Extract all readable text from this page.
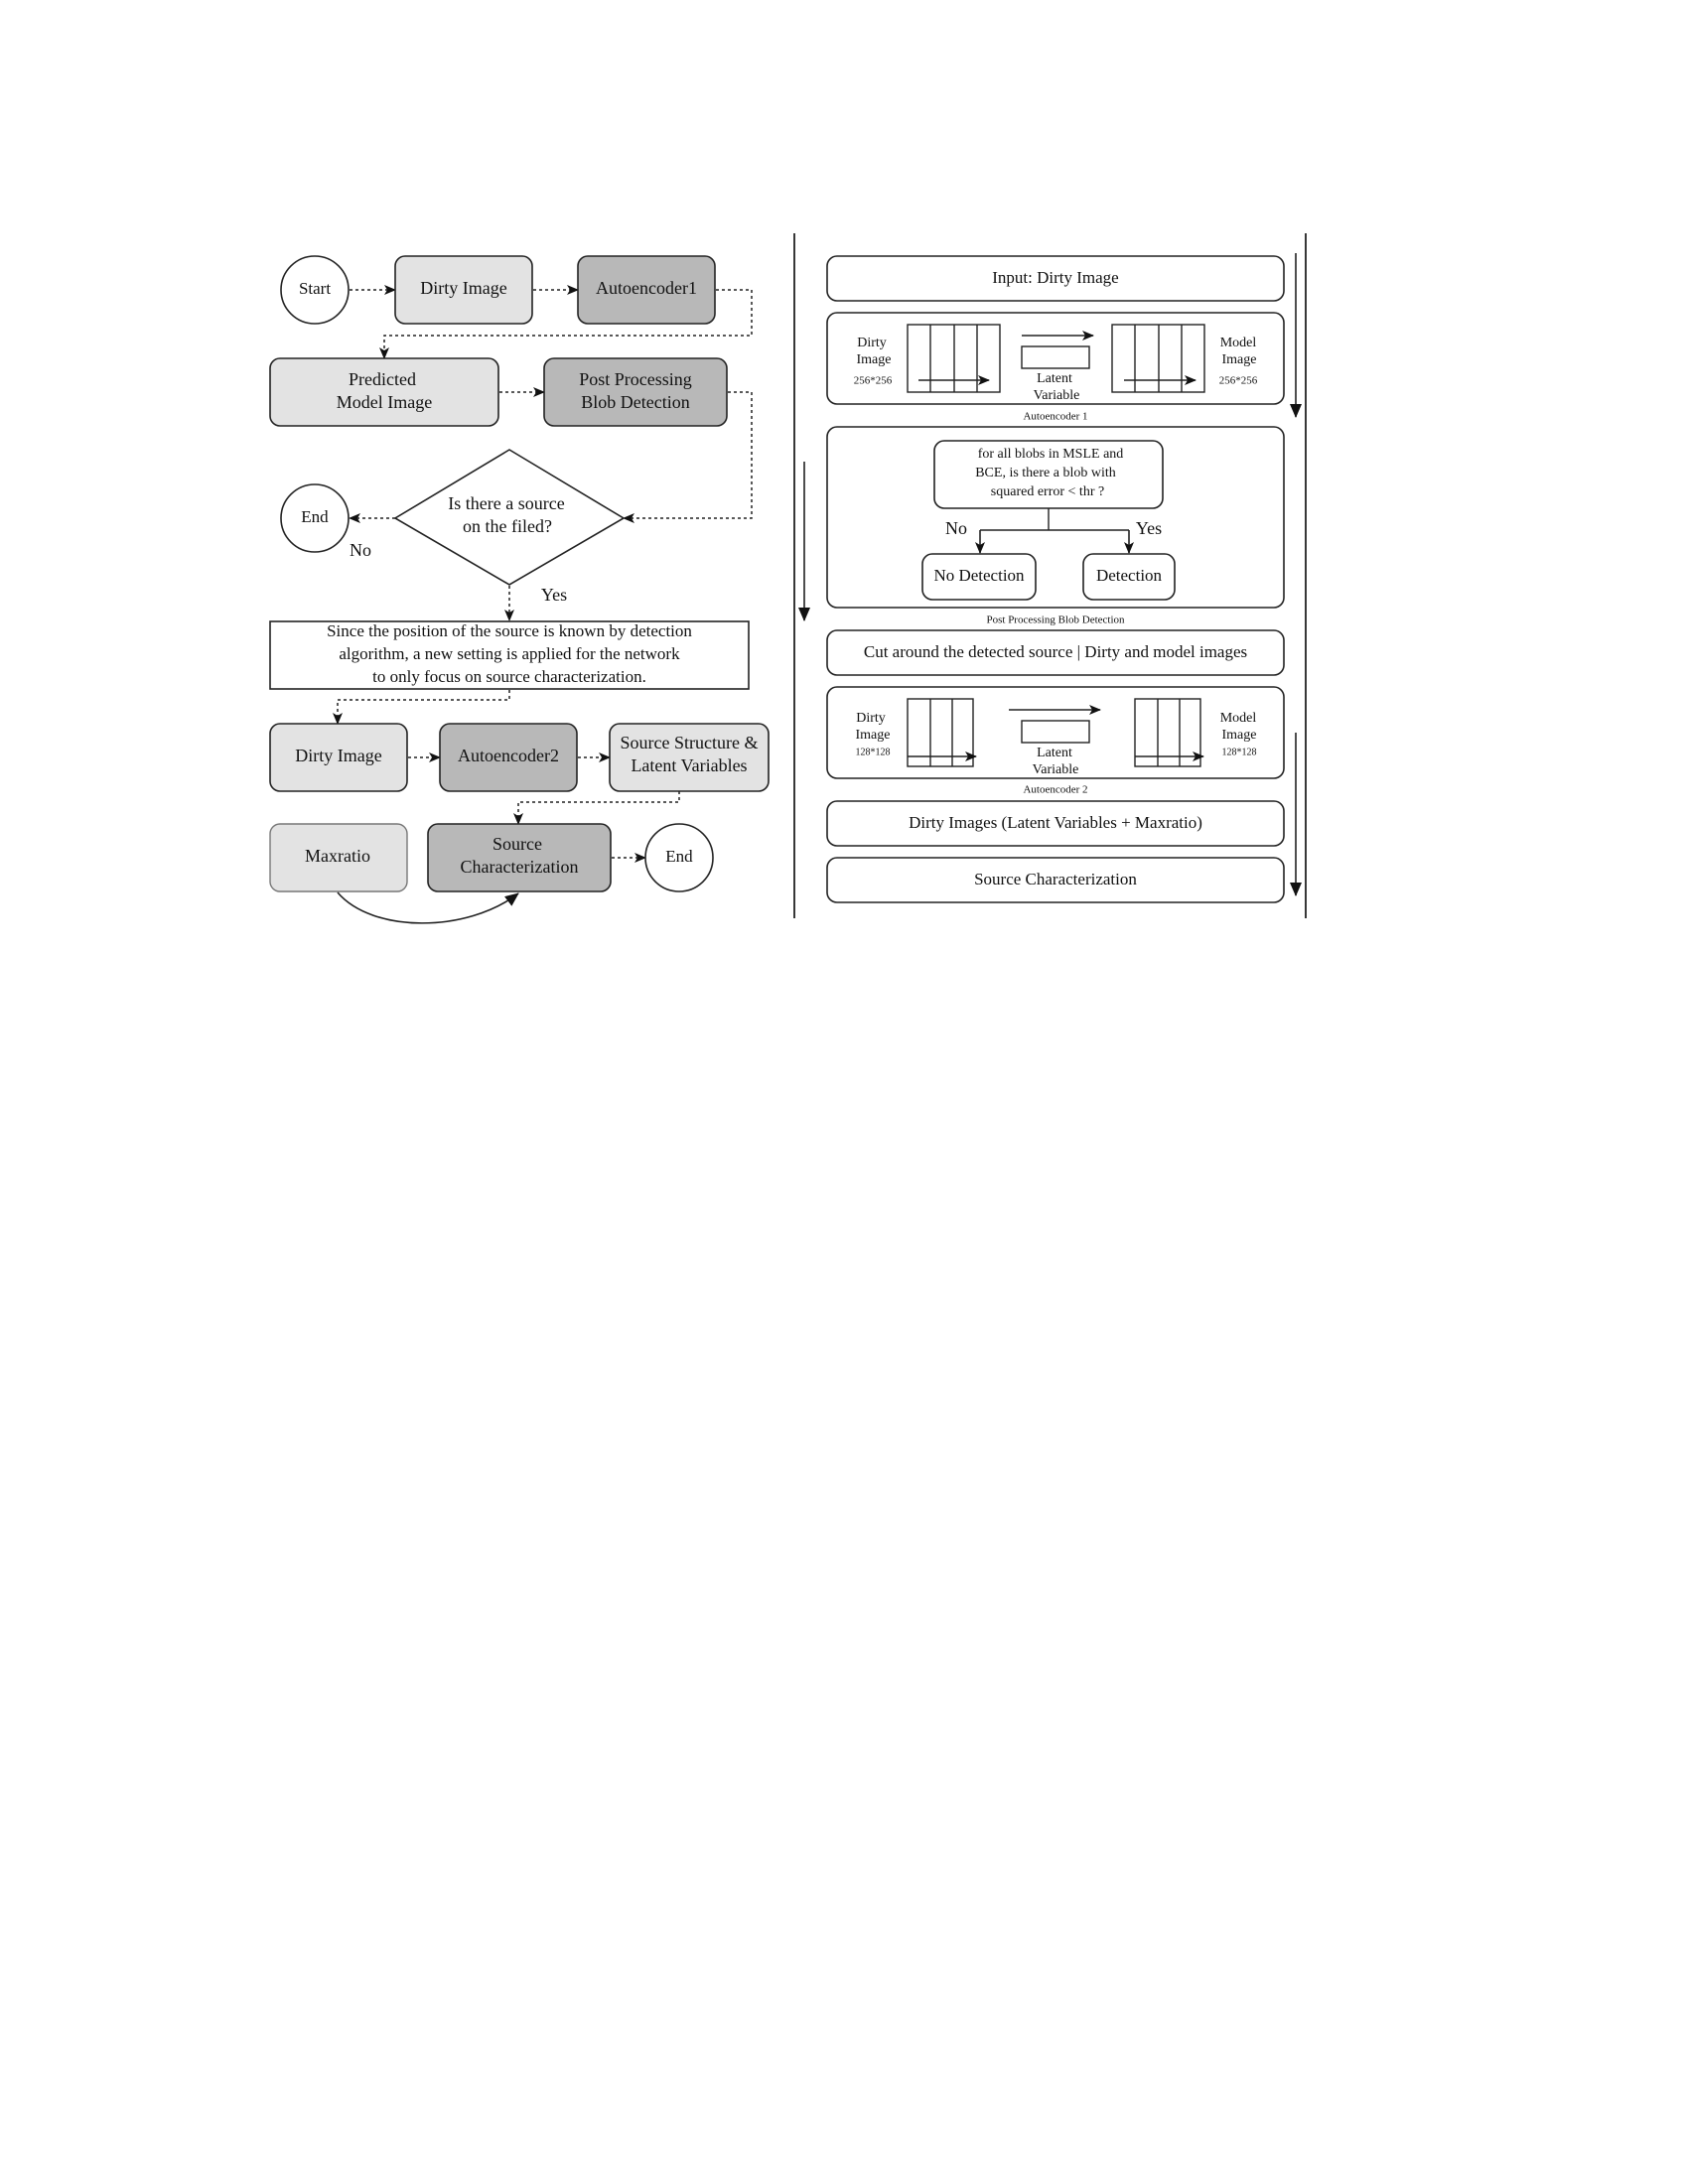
Start	Dirty Image	Autoencoder1
Predicted
Model Image
Post Processing
Blob Detection
Is there a source
on the filed?
End
No
Yes
Since the position of the source is known by detection
algorithm, a new setting is applied for the network
to only focus on source characterization.
Dirty Image	Autoencoder2
Source Structure &
Latent Variables
Maxratio
Source
Characterization
End
Input: Dirty Image
Dirty
Image
256*256	Latent
Variable
Model
Image
256*256
Autoencoder 1
for all blobs in MSLE and
BCE, is there a blob with
squared error < thr ?
No	Yes
No Detection	Detection
Post Processing Blob Detection
Cut around the detected source | Dirty and model images
Dirty
Image
128*128	Latent
Variable
Model
Image
128*128
Autoencoder 2
Dirty Images (Latent Variables + Maxratio)
Source Characterization
